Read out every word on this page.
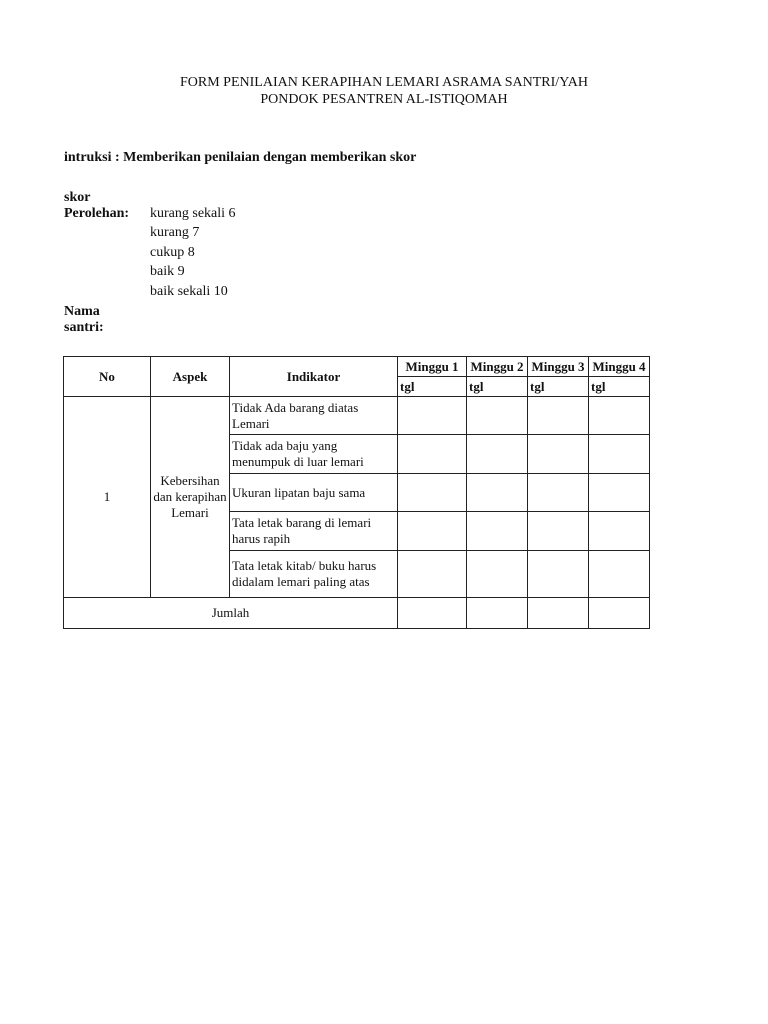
FORM PENILAIAN KERAPIHAN LEMARI ASRAMA SANTRI/YAH
PONDOK PESANTREN AL-ISTIQOMAH
intruksi : Memberikan penilaian dengan memberikan skor
skor
Perolehan: kurang sekali 6
kurang 7
cukup 8
baik 9
baik sekali 10
Nama
santri:
No	Aspek	Indikator	Minggu 1	Minggu 2	Minggu 3	Minggu 4
			tgl	tgl	tgl	tgl
1	Kebersihan dan kerapihan Lemari	Tidak Ada barang diatas Lemari				
		Tidak ada baju yang menumpuk di luar lemari				
		Ukuran lipatan baju sama				
		Tata letak barang di lemari harus rapih				
		Tata letak kitab/ buku harus didalam lemari paling atas				
Jumlah						
